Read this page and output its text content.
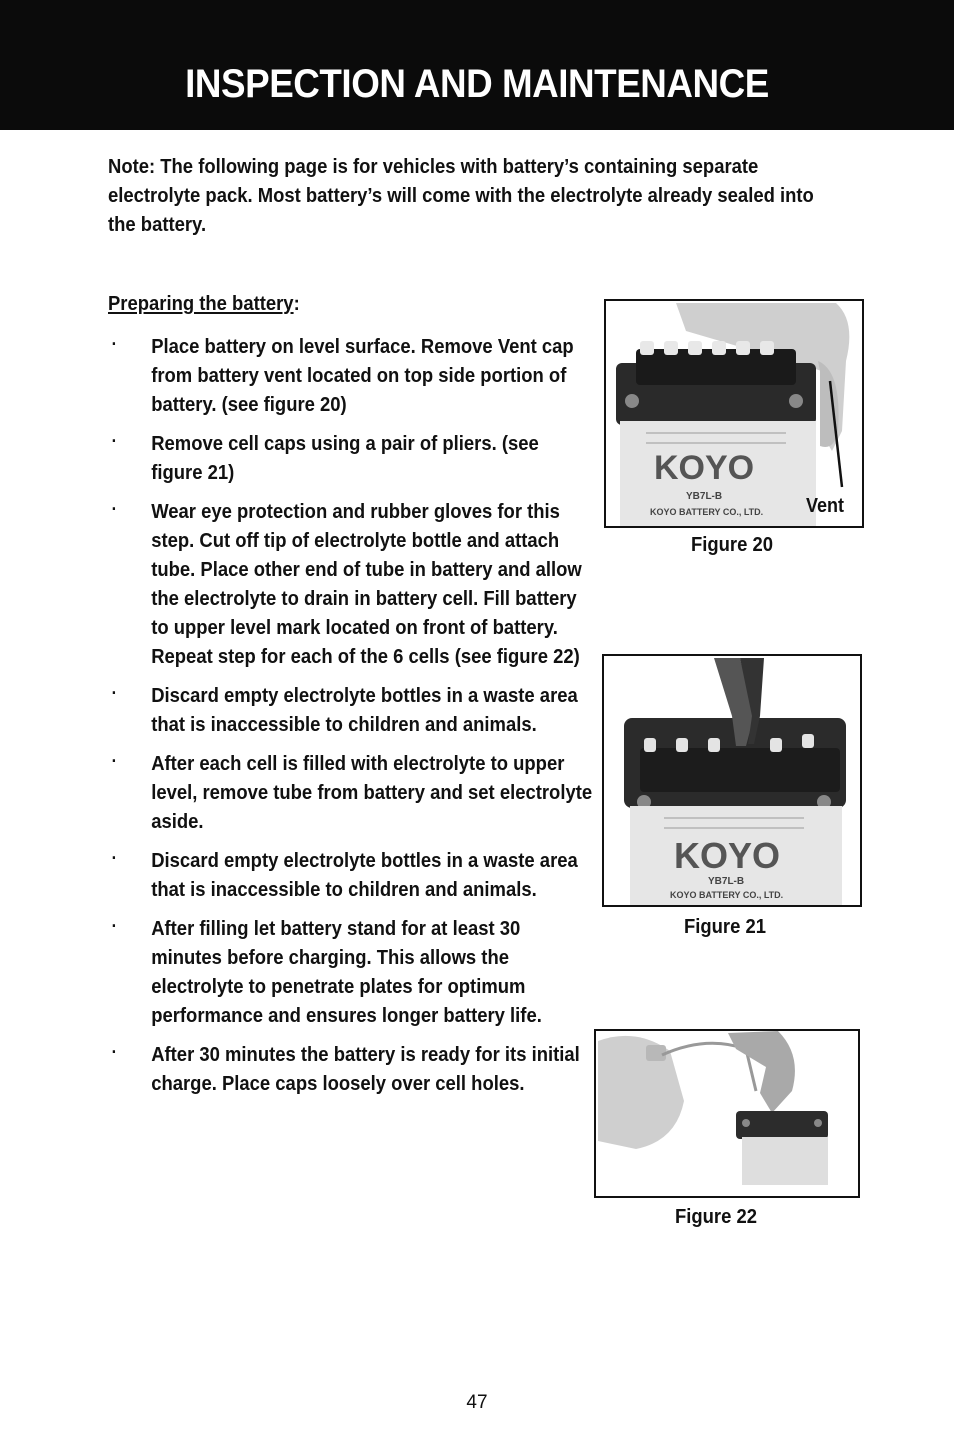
INSPECTION AND MAINTENANCE
Note: The following page is for vehicles with battery’s containing separate electrolyte pack. Most battery’s will come with the electrolyte already sealed into the battery.
Preparing the battery:
· Place battery on level surface. Remove Vent cap from battery vent located on top side portion of battery. (see figure 20)
· Remove cell caps using a pair of pliers. (see figure 21)
· Wear eye protection and rubber gloves for this step. Cut off tip of electrolyte bottle and attach tube. Place other end of tube in battery and allow the electrolyte to drain in battery cell. Fill battery to upper level mark located on front of battery. Repeat step for each of the 6 cells (see figure 22)
· Discard empty electrolyte bottles in a waste area that is inaccessible to children and animals.
· After each cell is filled with electrolyte to upper level, remove tube from battery and set electrolyte aside.
· Discard empty electrolyte bottles in a waste area that is inaccessible to children and animals.
· After filling let battery stand for at least 30 minutes before charging. This allows the electrolyte to penetrate plates for optimum performance and ensures longer battery life.
· After 30 minutes the battery is ready for its initial charge. Place caps loosely over cell holes.
KOYO
YB7L-B
KOYO BATTERY CO., LTD. Vent
Figure 20
KOYO
YB7L-B
KOYO BATTERY CO., LTD.
Figure 21
Figure 22
47
